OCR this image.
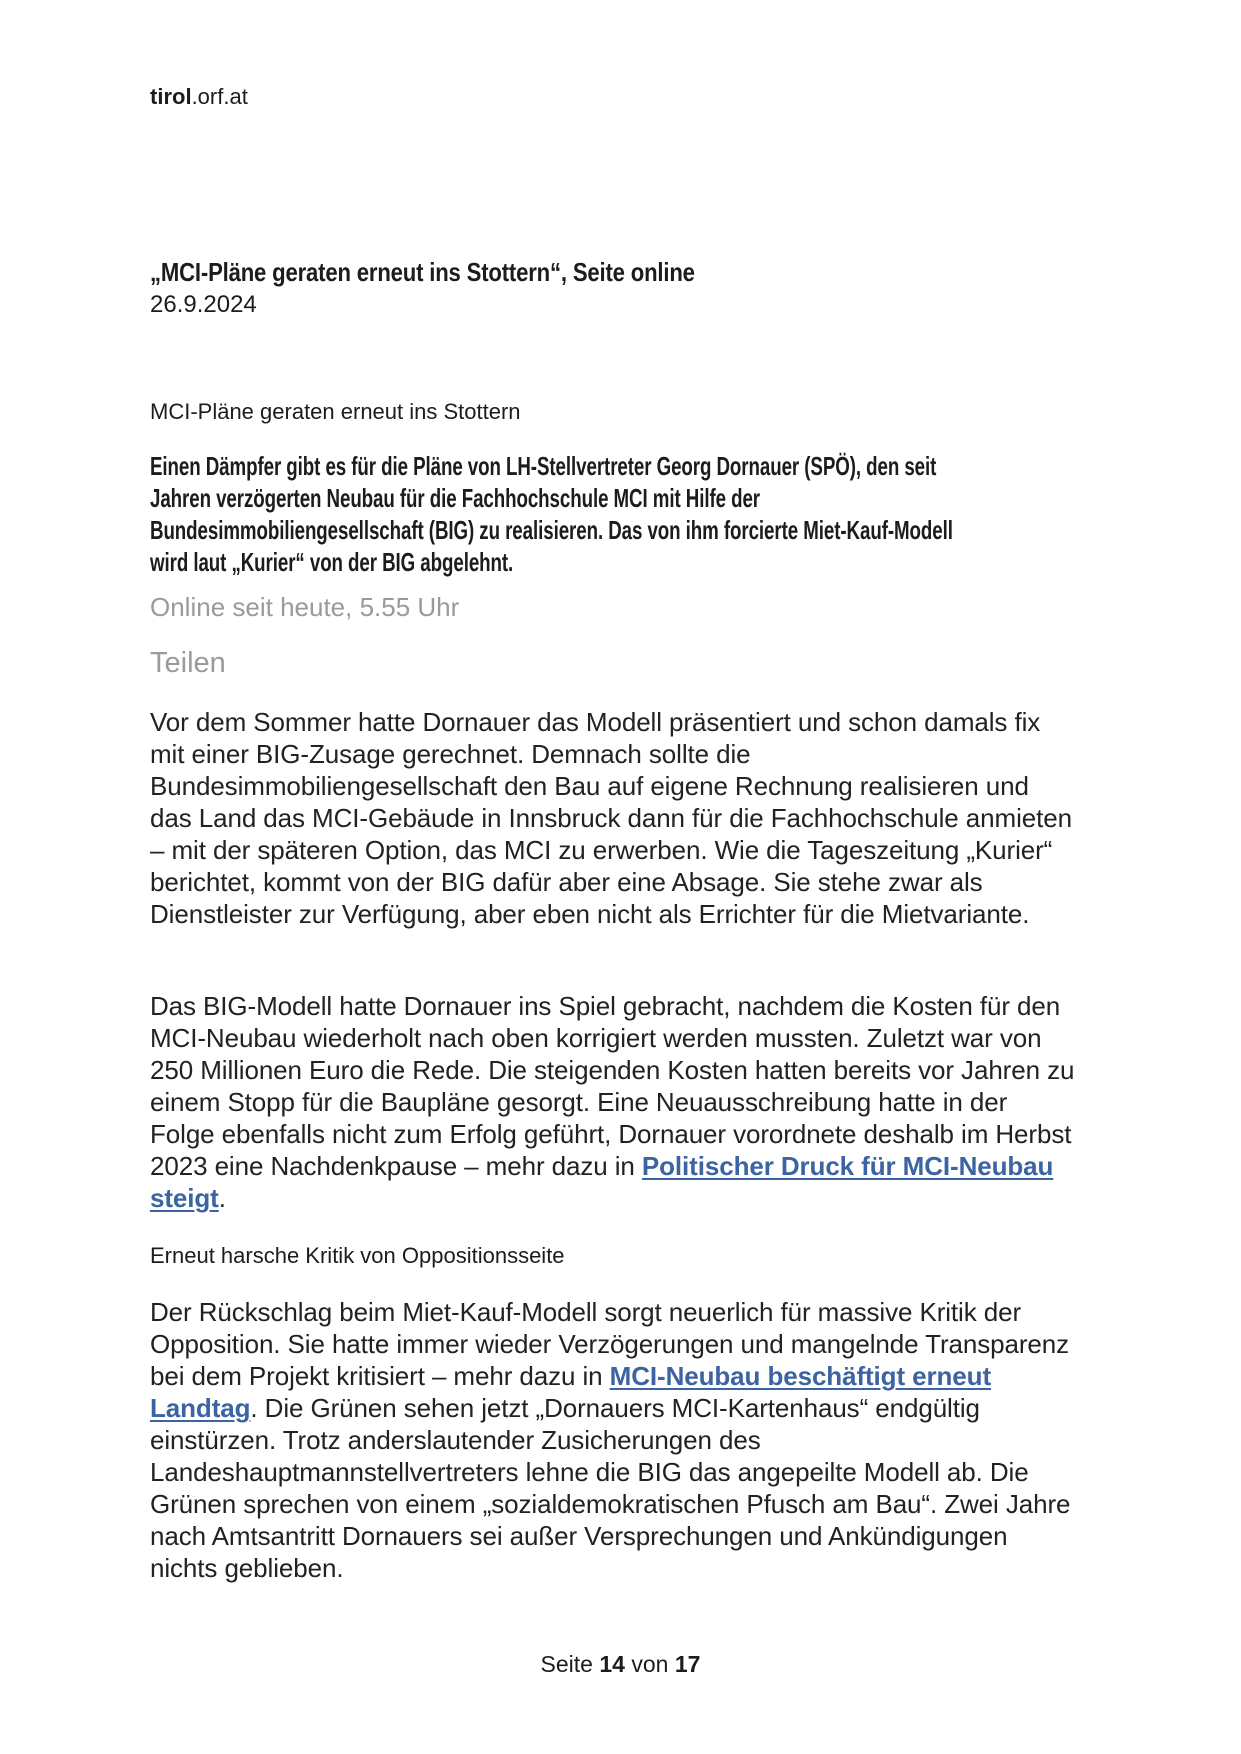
tirol.orf.at
„MCI-Pläne geraten erneut ins Stottern“, Seite online
26.9.2024
MCI-Pläne geraten erneut ins Stottern
Einen Dämpfer gibt es für die Pläne von LH-Stellvertreter Georg Dornauer (SPÖ), den seit Jahren verzögerten Neubau für die Fachhochschule MCI mit Hilfe der Bundesimmobiliengesellschaft (BIG) zu realisieren. Das von ihm forcierte Miet-Kauf-Modell wird laut „Kurier“ von der BIG abgelehnt.
Online seit heute, 5.55 Uhr
Teilen

Vor dem Sommer hatte Dornauer das Modell präsentiert und schon damals fix mit einer BIG-Zusage gerechnet. Demnach sollte die Bundesimmobiliengesellschaft den Bau auf eigene Rechnung realisieren und das Land das MCI-Gebäude in Innsbruck dann für die Fachhochschule anmieten – mit der späteren Option, das MCI zu erwerben. Wie die Tageszeitung „Kurier“ berichtet, kommt von der BIG dafür aber eine Absage. Sie stehe zwar als Dienstleister zur Verfügung, aber eben nicht als Errichter für die Mietvariante.

Das BIG-Modell hatte Dornauer ins Spiel gebracht, nachdem die Kosten für den MCI-Neubau wiederholt nach oben korrigiert werden mussten. Zuletzt war von 250 Millionen Euro die Rede. Die steigenden Kosten hatten bereits vor Jahren zu einem Stopp für die Baupläne gesorgt. Eine Neuausschreibung hatte in der Folge ebenfalls nicht zum Erfolg geführt, Dornauer vorordnete deshalb im Herbst 2023 eine Nachdenkpause – mehr dazu in Politischer Druck für MCI-Neubau steigt.

Erneut harsche Kritik von Oppositionsseite

Der Rückschlag beim Miet-Kauf-Modell sorgt neuerlich für massive Kritik der Opposition. Sie hatte immer wieder Verzögerungen und mangelnde Transparenz bei dem Projekt kritisiert – mehr dazu in MCI-Neubau beschäftigt erneut Landtag. Die Grünen sehen jetzt „Dornauers MCI-Kartenhaus“ endgültig einstürzen. Trotz anderslautender Zusicherungen des Landeshauptmannstellvertreters lehne die BIG das angepeilte Modell ab. Die Grünen sprechen von einem „sozialdemokratischen Pfusch am Bau“. Zwei Jahre nach Amtsantritt Dornauers sei außer Versprechungen und Ankündigungen nichts geblieben.

Seite 14 von 17
